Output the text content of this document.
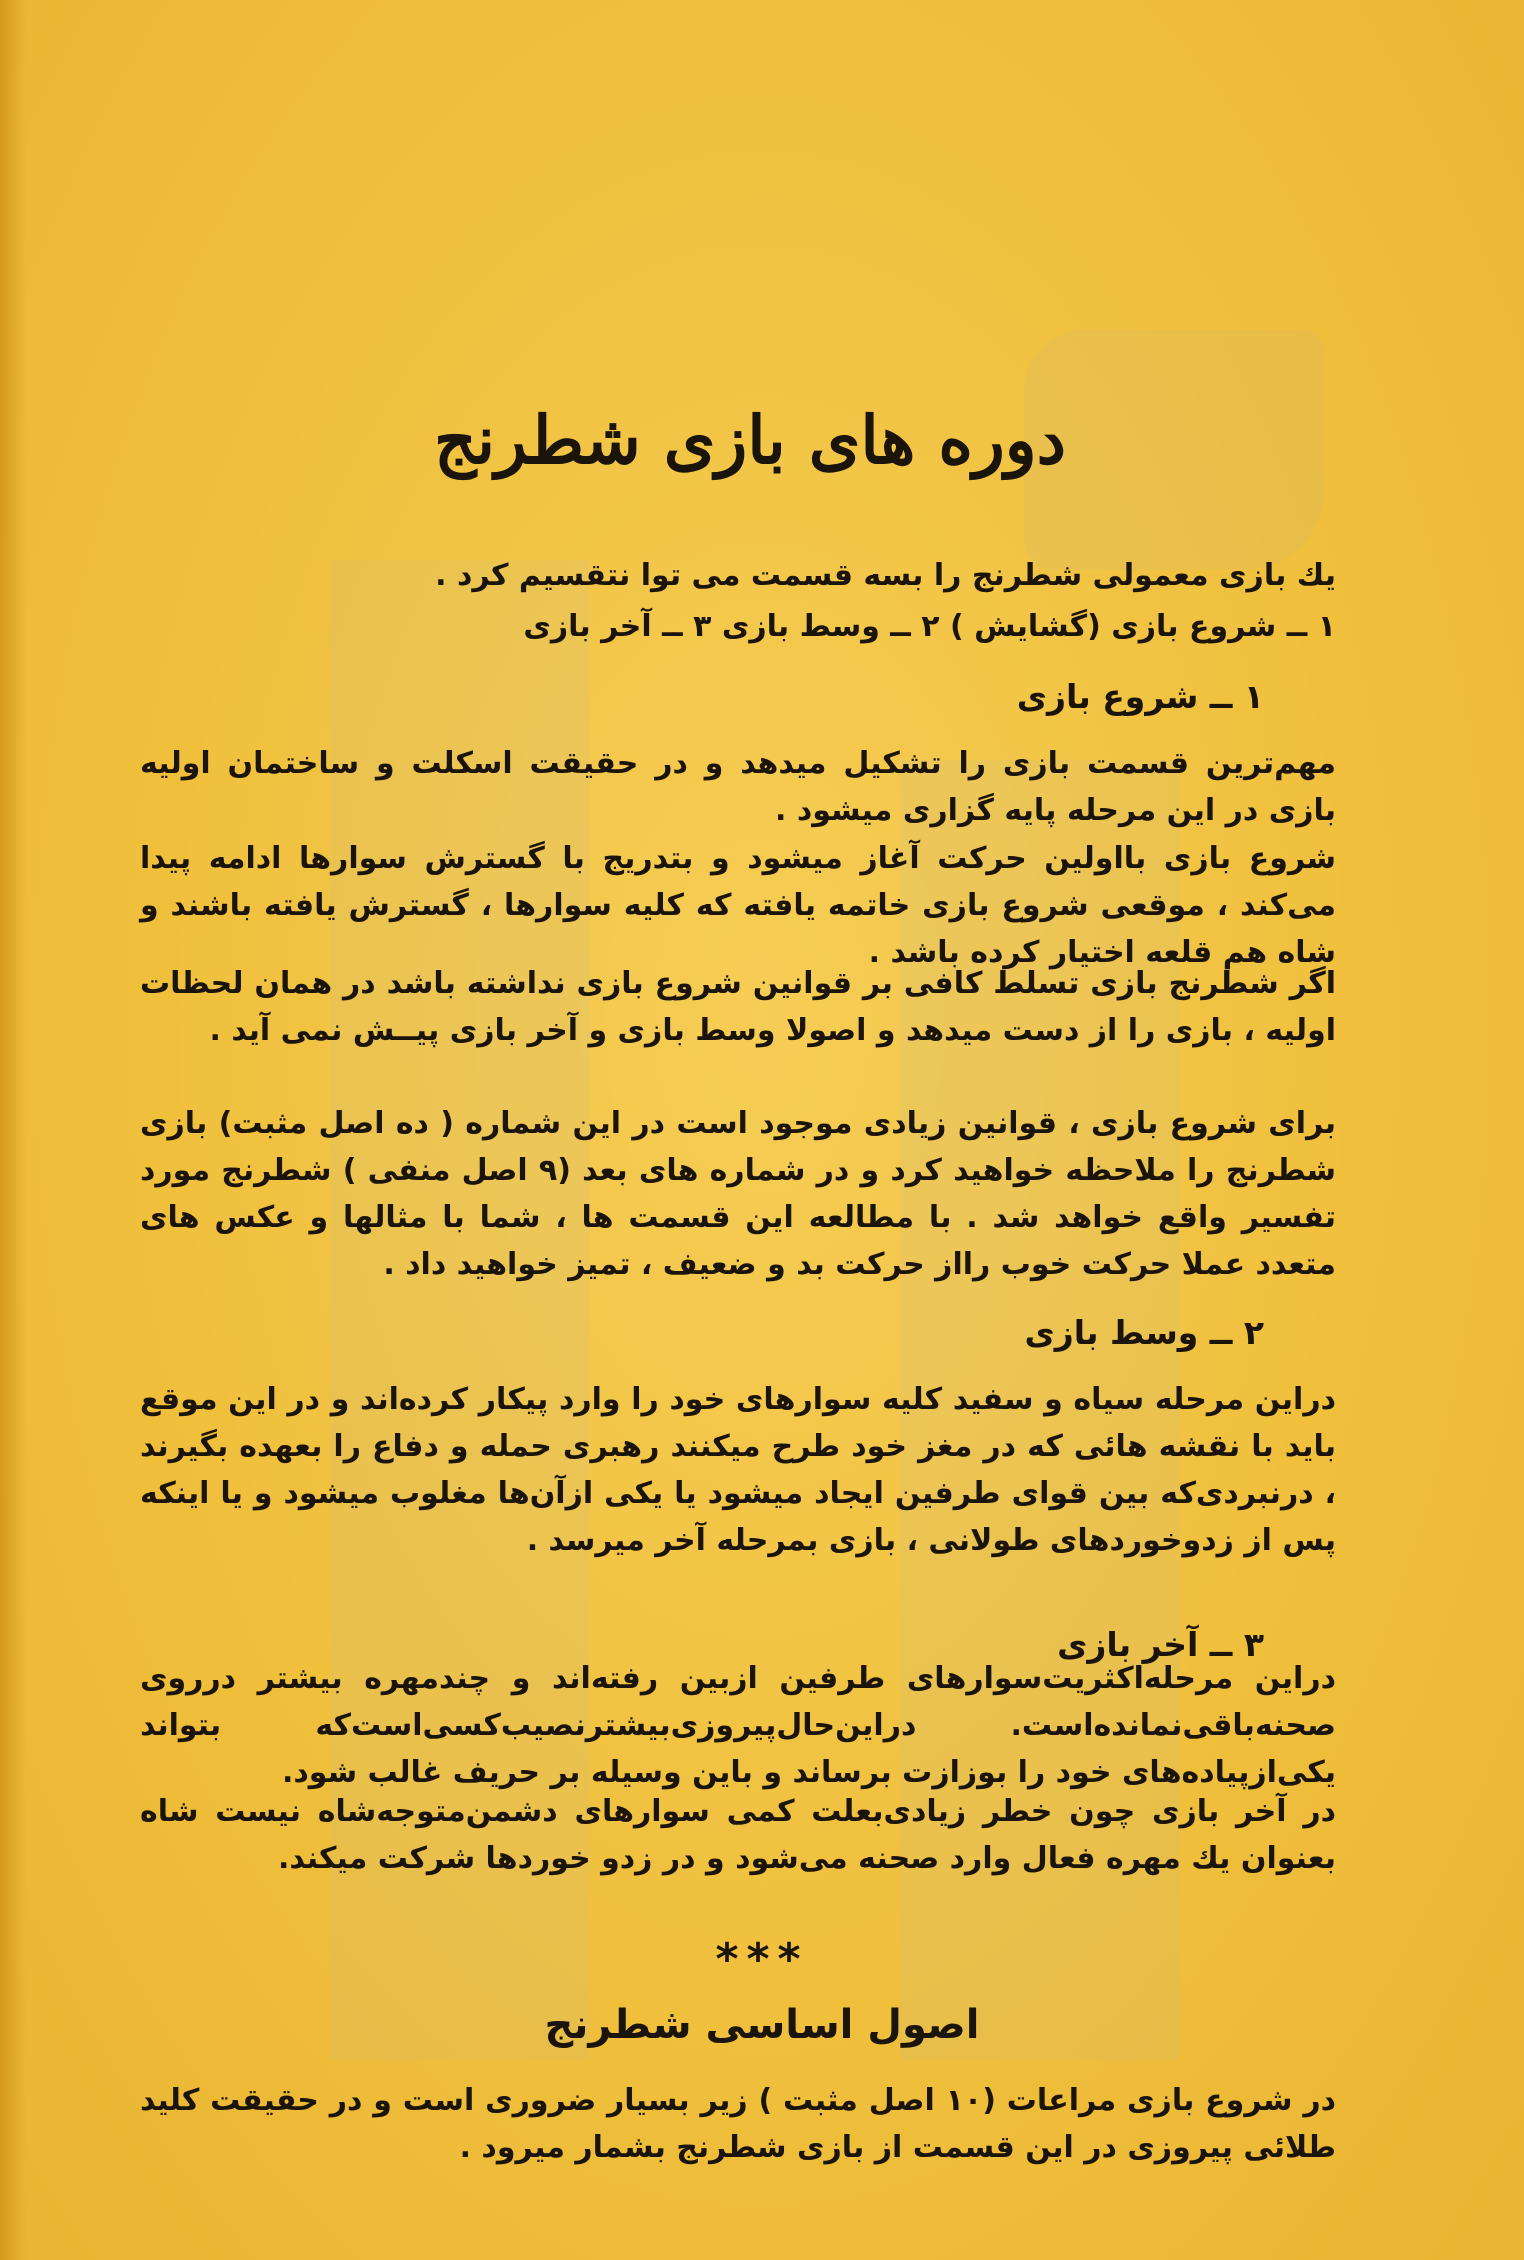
دوره های بازی شطرنج

یك بازی معمولی شطرنج را بسه قسمت می توا نتقسیم کرد .

۱ ــ شروع بازی (گشایش ) ۲ ــ وسط بازی ۳ ــ آخر بازی

۱ ــ شروع بازی

مهم‌ترین قسمت بازی را تشکیل میدهد و در حقیقت اسکلت و ساختمان اولیه بازی در این مرحله پایه گزاری میشود .

شروع بازی بااولین حرکت آغاز میشود و بتدریج با گسترش سوارها ادامه پیدا می‌کند ، موقعی شروع بازی خاتمه یافته که کلیه سوارها ، گسترش یافته باشند و شاه هم قلعه اختیار کرده باشد .

اگر شطرنج بازی تسلط کافی بر قوانین شروع بازی نداشته باشد در همان لحظات اولیه ، بازی را از دست میدهد و اصولا وسط بازی و آخر بازی پیــش نمی آید .

برای شروع بازی ، قوانین زیادی موجود است در این شماره ( ده اصل مثبت) بازی شطرنج را ملاحظه خواهید کرد و در شماره های بعد (۹ اصل منفی ) شطرنج مورد تفسیر واقع خواهد شد . با مطالعه این قسمت ها ، شما با مثالها و عکس های متعدد عملا حرکت خوب رااز حرکت بد و ضعیف ، تمیز خواهید داد .

۲ ــ وسط بازی

دراین مرحله سیاه و سفید کلیه سوارهای خود را وارد پیکار کرده‌اند و در این موقع باید با نقشه هائی که در مغز خود طرح میکنند رهبری حمله و دفاع را بعهده بگیرند ، درنبردی‌که بین قوای طرفین ایجاد میشود یا یکی ازآن‌ها مغلوب میشود و یا اینکه پس از زدوخوردهای طولانی ، بازی بمرحله آخر میرسد .

۳ ــ آخر بازی

دراین مرحله‌اکثریت‌سوارهای طرفین ازبین رفته‌اند و چندمهره بیشتر درروی صحنه‌باقی‌نمانده‌است. دراین‌حال‌پیروزی‌بیشترنصیب‌کسی‌است‌که بتواند یکی‌ازپیاده‌های خود را بوزازت برساند و باین وسیله بر حریف غالب شود.

در آخر بازی چون خطر زیادی‌بعلت کمی سوارهای دشمن‌متوجه‌شاه نیست شاه بعنوان یك مهره فعال وارد صحنه می‌شود و در زدو خوردها شرکت میکند.

***
اصول اساسی شطرنج

در شروع بازی مراعات (۱۰ اصل مثبت ) زیر بسیار ضروری است و در حقیقت کلید طلائی پیروزی در این قسمت از بازی شطرنج بشمار میرود .
